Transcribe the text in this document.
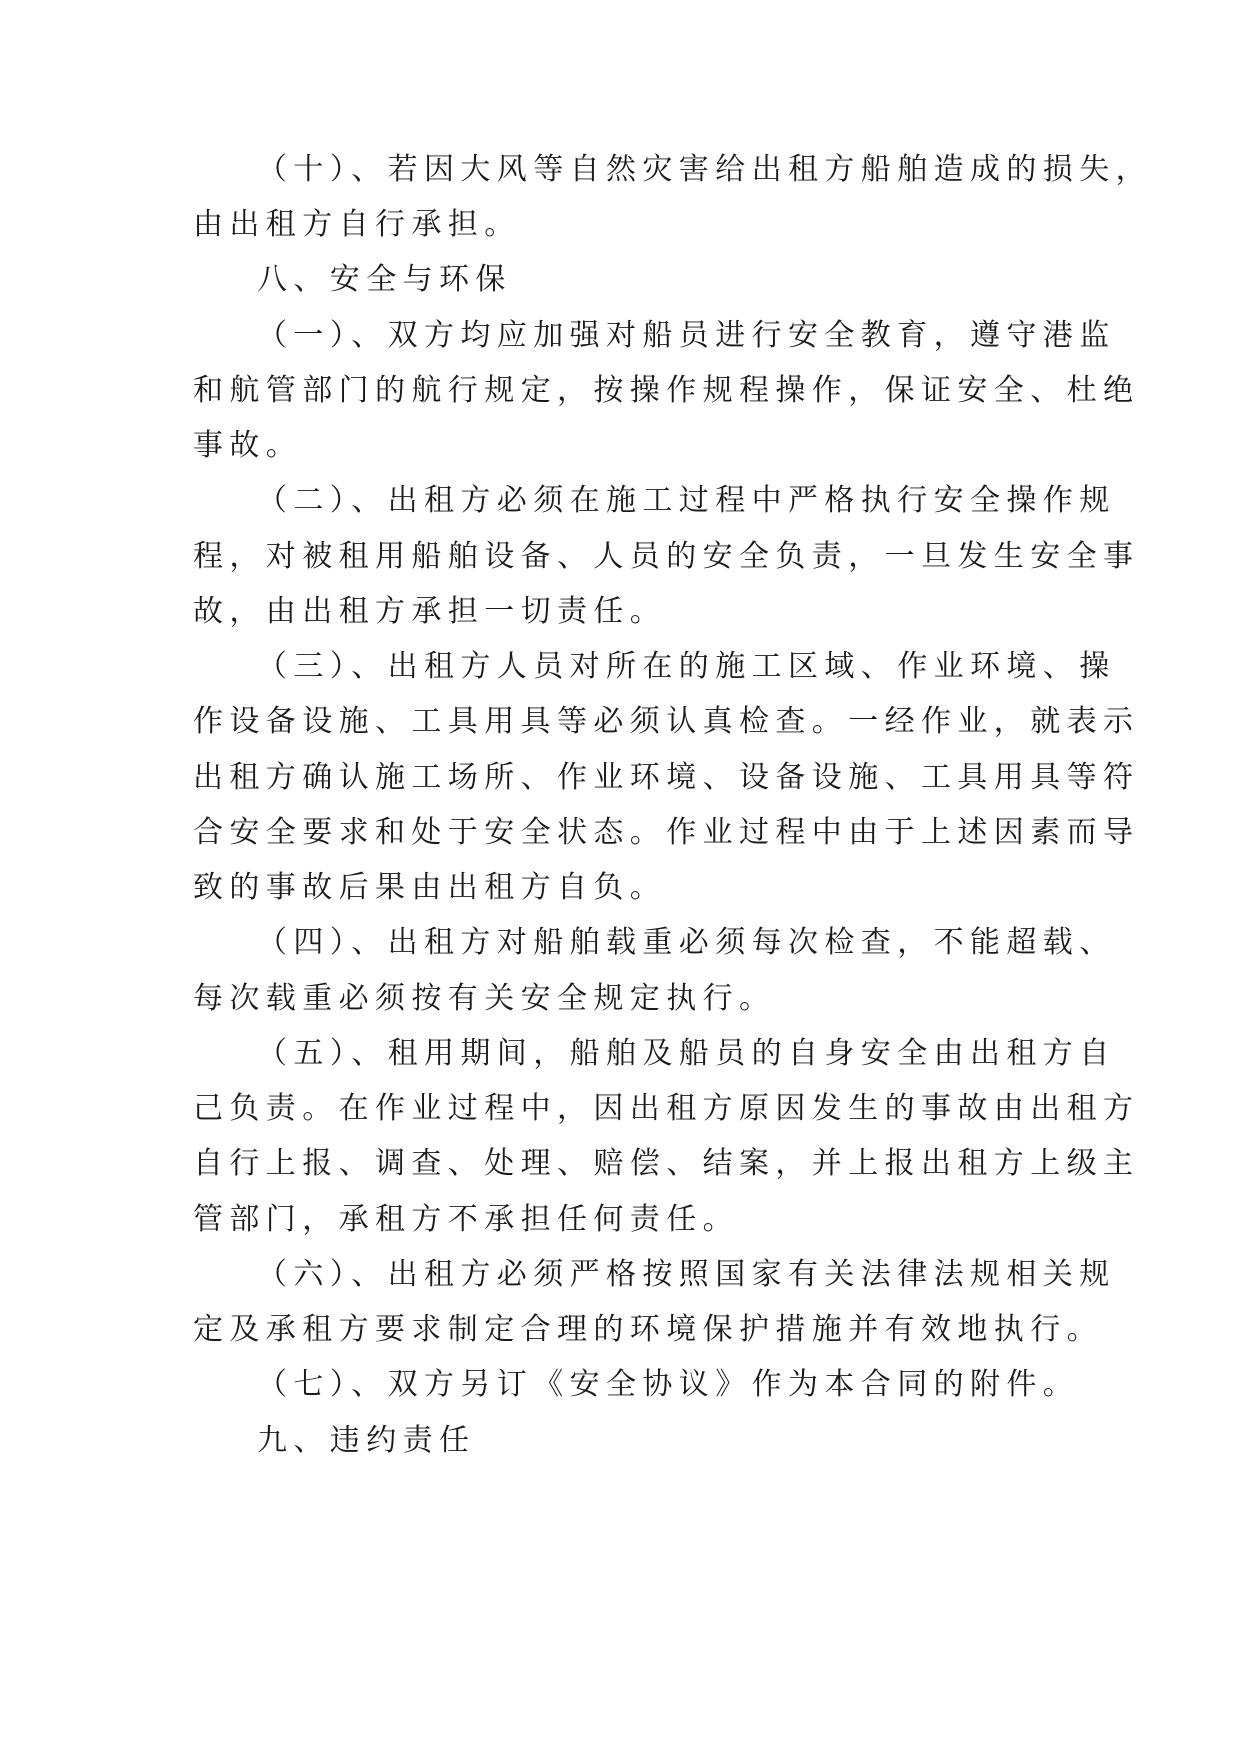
（十）、若因大风等自然灾害给出租方船舶造成的损失，
由出租方自行承担。
八、安全与环保
（一）、双方均应加强对船员进行安全教育，遵守港监
和航管部门的航行规定，按操作规程操作，保证安全、杜绝
事故。
（二）、出租方必须在施工过程中严格执行安全操作规
程，对被租用船舶设备、人员的安全负责，一旦发生安全事
故，由出租方承担一切责任。
（三）、出租方人员对所在的施工区域、作业环境、操
作设备设施、工具用具等必须认真检查。一经作业，就表示
出租方确认施工场所、作业环境、设备设施、工具用具等符
合安全要求和处于安全状态。作业过程中由于上述因素而导
致的事故后果由出租方自负。
（四）、出租方对船舶载重必须每次检查，不能超载、
每次载重必须按有关安全规定执行。
（五）、租用期间，船舶及船员的自身安全由出租方自
己负责。在作业过程中，因出租方原因发生的事故由出租方
自行上报、调查、处理、赔偿、结案，并上报出租方上级主
管部门，承租方不承担任何责任。
（六）、出租方必须严格按照国家有关法律法规相关规
定及承租方要求制定合理的环境保护措施并有效地执行。
（七）、双方另订《安全协议》作为本合同的附件。
九、违约责任
